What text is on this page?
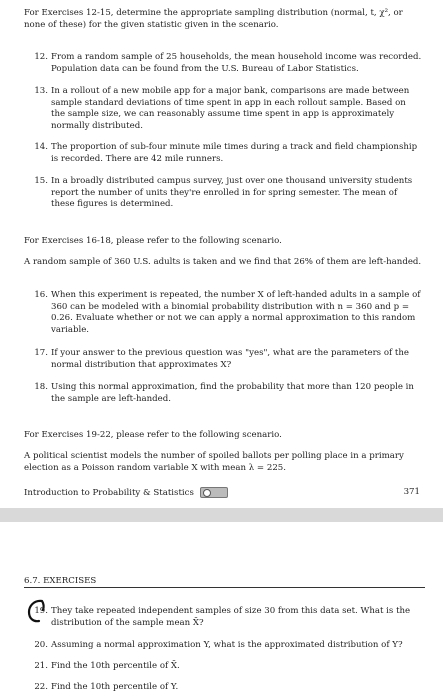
For Exercises 12-15, determine the appropriate sampling distribution (normal, t, χ², or none of these) for the given statistic given in the scenario.
12. From a random sample of 25 households, the mean household income was recorded. Population data can be found from the U.S. Bureau of Labor Statistics.
13. In a rollout of a new mobile app for a major bank, comparisons are made between sample standard deviations of time spent in app in each rollout sample. Based on the sample size, we can reasonably assume time spent in app is approximately normally distributed.
14. The proportion of sub-four minute mile times during a track and field championship is recorded. There are 42 mile runners.
15. In a broadly distributed campus survey, just over one thousand university students report the number of units they're enrolled in for spring semester. The mean of these figures is determined.
For Exercises 16-18, please refer to the following scenario.
A random sample of 360 U.S. adults is taken and we find that 26% of them are left-handed.
16. When this experiment is repeated, the number X of left-handed adults in a sample of 360 can be modeled with a binomial probability distribution with n = 360 and p = 0.26. Evaluate whether or not we can apply a normal approximation to this random variable.
17. If your answer to the previous question was "yes", what are the parameters of the normal distribution that approximates X?
18. Using this normal approximation, find the probability that more than 120 people in the sample are left-handed.
For Exercises 19-22, please refer to the following scenario.
A political scientist models the number of spoiled ballots per polling place in a primary election as a Poisson random variable X with mean λ = 225.
Introduction to Probability & Statistics	371
6.7. EXERCISES
19. They take repeated independent samples of size 30 from this data set. What is the distribution of the sample mean X̄?
20. Assuming a normal approximation Y, what is the approximated distribution of Y?
21. Find the 10th percentile of X̄.
22. Find the 10th percentile of Y.
